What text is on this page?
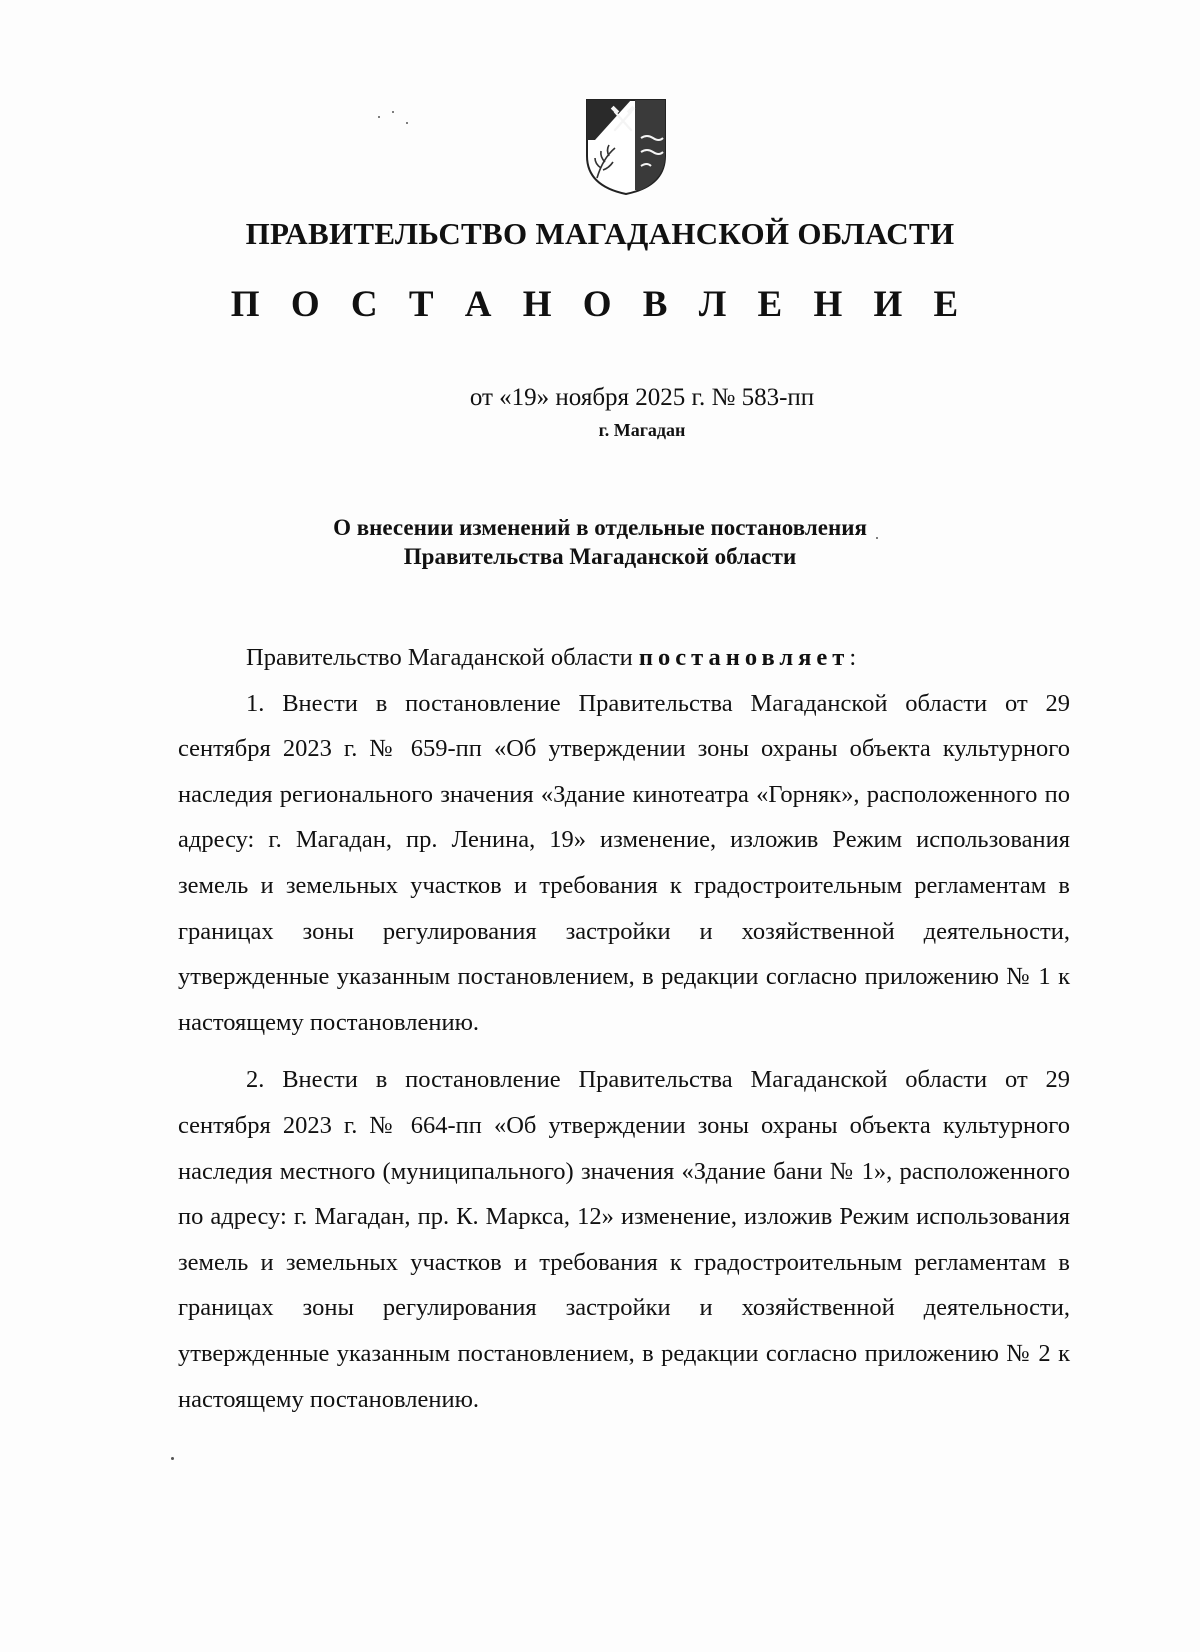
ПРАВИТЕЛЬСТВО МАГАДАНСКОЙ ОБЛАСТИ
П О С Т А Н О В Л Е Н И Е
от «19» ноября 2025 г. № 583-пп
г. Магадан
О внесении изменений в отдельные постановления
Правительства Магаданской области

Правительство Магаданской области постановляет:

1. Внести в постановление Правительства Магаданской области от 29 сентября 2023 г. № 659-пп «Об утверждении зоны охраны объекта культурного наследия регионального значения «Здание кинотеатра «Горняк», расположенного по адресу: г. Магадан, пр. Ленина, 19» изменение, изложив Режим использования земель и земельных участков и требования к градостроительным регламентам в границах зоны регулирования застройки и хозяйственной деятельности, утвержденные указанным постановлением, в редакции согласно приложению № 1 к настоящему постановлению.

2. Внести в постановление Правительства Магаданской области от 29 сентября 2023 г. № 664-пп «Об утверждении зоны охраны объекта культурного наследия местного (муниципального) значения «Здание бани № 1», расположенного по адресу: г. Магадан, пр. К. Маркса, 12» изменение, изложив Режим использования земель и земельных участков и требования к градостроительным регламентам в границах зоны регулирования застройки и хозяйственной деятельности, утвержденные указанным постановлением, в редакции согласно приложению № 2 к настоящему постановлению.
